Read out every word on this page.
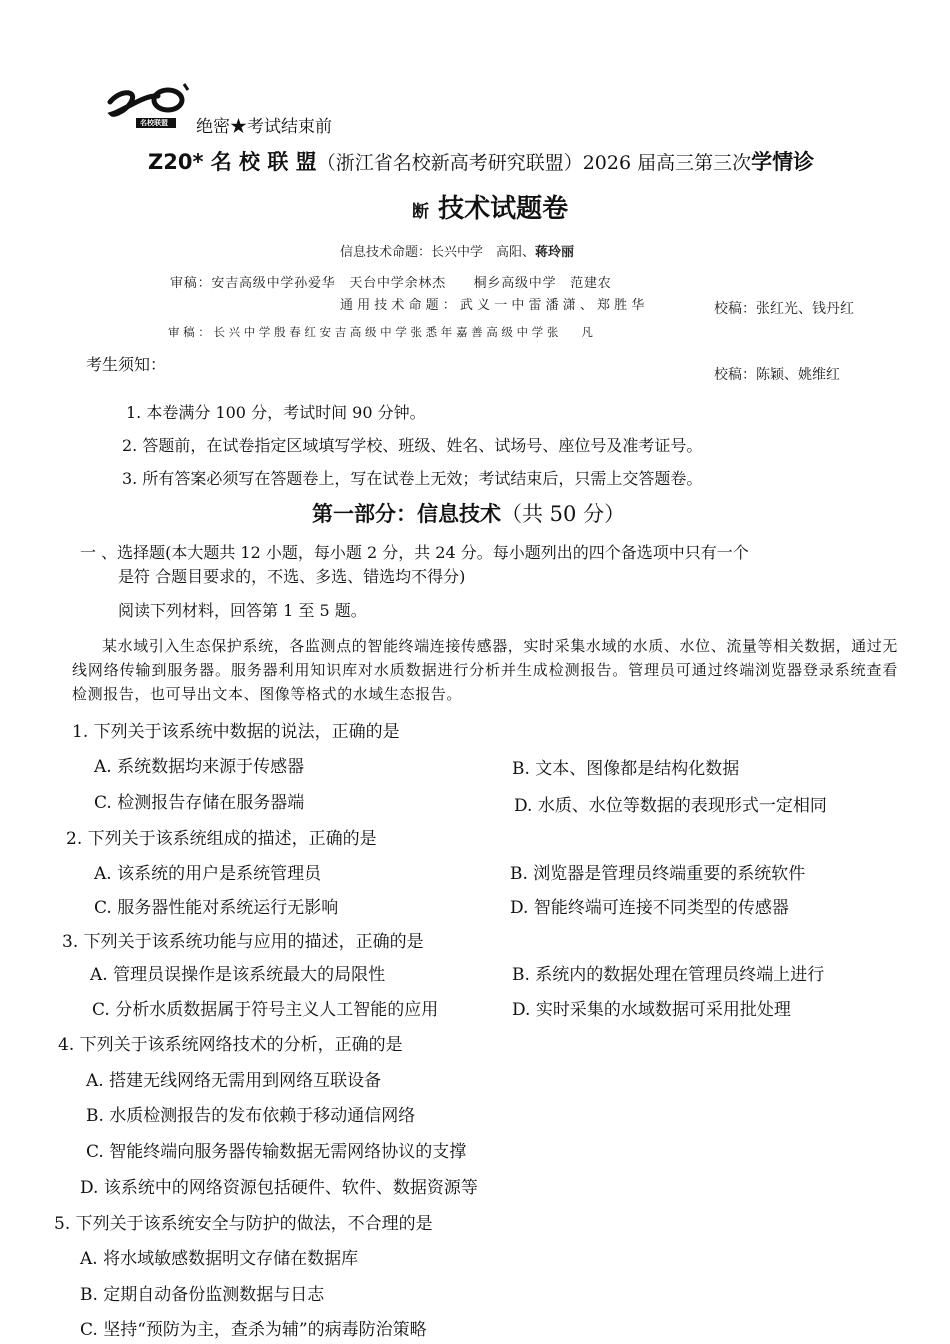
名校联盟 绝密★考试结束前
Z20* 名 校 联 盟（浙江省名校新高考研究联盟）2026 届高三第三次学情诊
断 技术试题卷
信息技术命题：长兴中学　高阳、蒋玲丽
审稿：安吉高级中学孙爱华　天台中学余林杰　　桐乡高级中学　范建农
通 用 技 术 命 题 ： 武 义 一 中 雷 潘 潇 、 郑 胜 华	校稿：张红光、钱丹红
审 稿 ： 长 兴 中 学 殷 春 红 安 吉 高 级 中 学 张 悉 年 嘉 善 高 级 中 学 张　　凡
校稿：陈颖、姚维红
考生须知：
1. 本卷满分 100 分，考试时间 90 分钟。
2. 答题前，在试卷指定区域填写学校、班级、姓名、试场号、座位号及准考证号。
3. 所有答案必须写在答题卷上，写在试卷上无效；考试结束后，只需上交答题卷。
第一部分：信息技术（共 50 分）
一 、选择题(本大题共 12 小题，每小题 2 分，共 24 分。每小题列出的四个备选项中只有一个
是符 合题目要求的，不选、多选、错选均不得分)
阅读下列材料，回答第 1 至 5 题。
某水域引入生态保护系统，各监测点的智能终端连接传感器，实时采集水域的水质、水位、流量等相关数据，通过无线网络传输到服务器。服务器利用知识库对水质数据进行分析并生成检测报告。管理员可通过终端浏览器登录系统查看检测报告，也可导出文本、图像等格式的水域生态报告。
1. 下列关于该系统中数据的说法，正确的是
A. 系统数据均来源于传感器	B. 文本、图像都是结构化数据
C. 检测报告存储在服务器端	D. 水质、水位等数据的表现形式一定相同
2. 下列关于该系统组成的描述，正确的是
A. 该系统的用户是系统管理员	B. 浏览器是管理员终端重要的系统软件
C. 服务器性能对系统运行无影响	D. 智能终端可连接不同类型的传感器
3. 下列关于该系统功能与应用的描述，正确的是
A. 管理员误操作是该系统最大的局限性	B. 系统内的数据处理在管理员终端上进行
C. 分析水质数据属于符号主义人工智能的应用	D. 实时采集的水域数据可采用批处理
4. 下列关于该系统网络技术的分析，正确的是
A. 搭建无线网络无需用到网络互联设备
B. 水质检测报告的发布依赖于移动通信网络
C. 智能终端向服务器传输数据无需网络协议的支撑
D. 该系统中的网络资源包括硬件、软件、数据资源等
5. 下列关于该系统安全与防护的做法，不合理的是
A. 将水域敏感数据明文存储在数据库
B. 定期自动备份监测数据与日志
C. 坚持“预防为主，查杀为辅”的病毒防治策略
